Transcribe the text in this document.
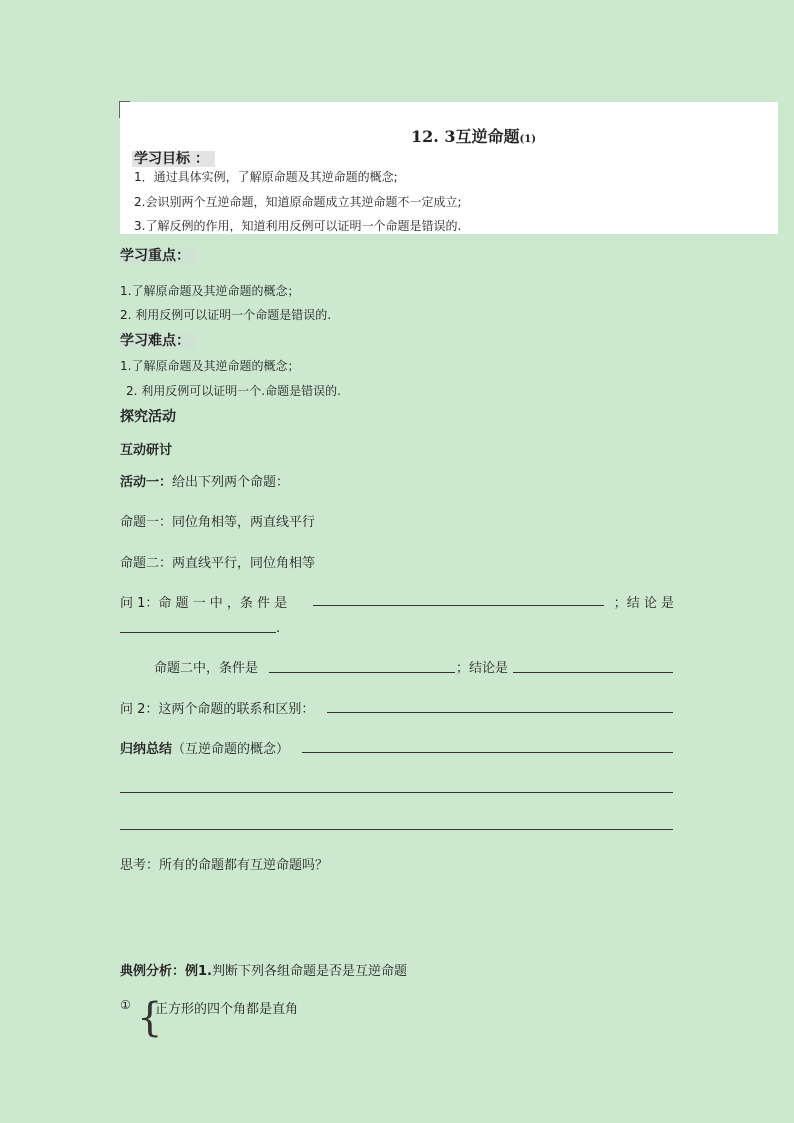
12. 3互逆命题(1)
学习目标 ：
1．通过具体实例，了解原命题及其逆命题的概念;
2.会识别两个互逆命题，知道原命题成立其逆命题不一定成立;
3.了解反例的作用，知道利用反例可以证明一个命题是错误的.
学习重点：
1.了解原命题及其逆命题的概念；
2. 利用反例可以证明一个命题是错误的.
学习难点：
1.了解原命题及其逆命题的概念；
2. 利用反例可以证明一个.命题是错误的.
探究活动
互动研讨
活动一：给出下列两个命题：
命题一：同位角相等，两直线平行
命题二：两直线平行，同位角相等
问 1：命 题 一 中 ，条 件 是	；结 论 是
.
命题二中，条件是	；结论是
问 2：这两个命题的联系和区别：
归纳总结（互逆命题的概念）
思考：所有的命题都有互逆命题吗？
典例分析：例1.判断下列各组命题是否是互逆命题
① {
正方形的四个角都是直角
